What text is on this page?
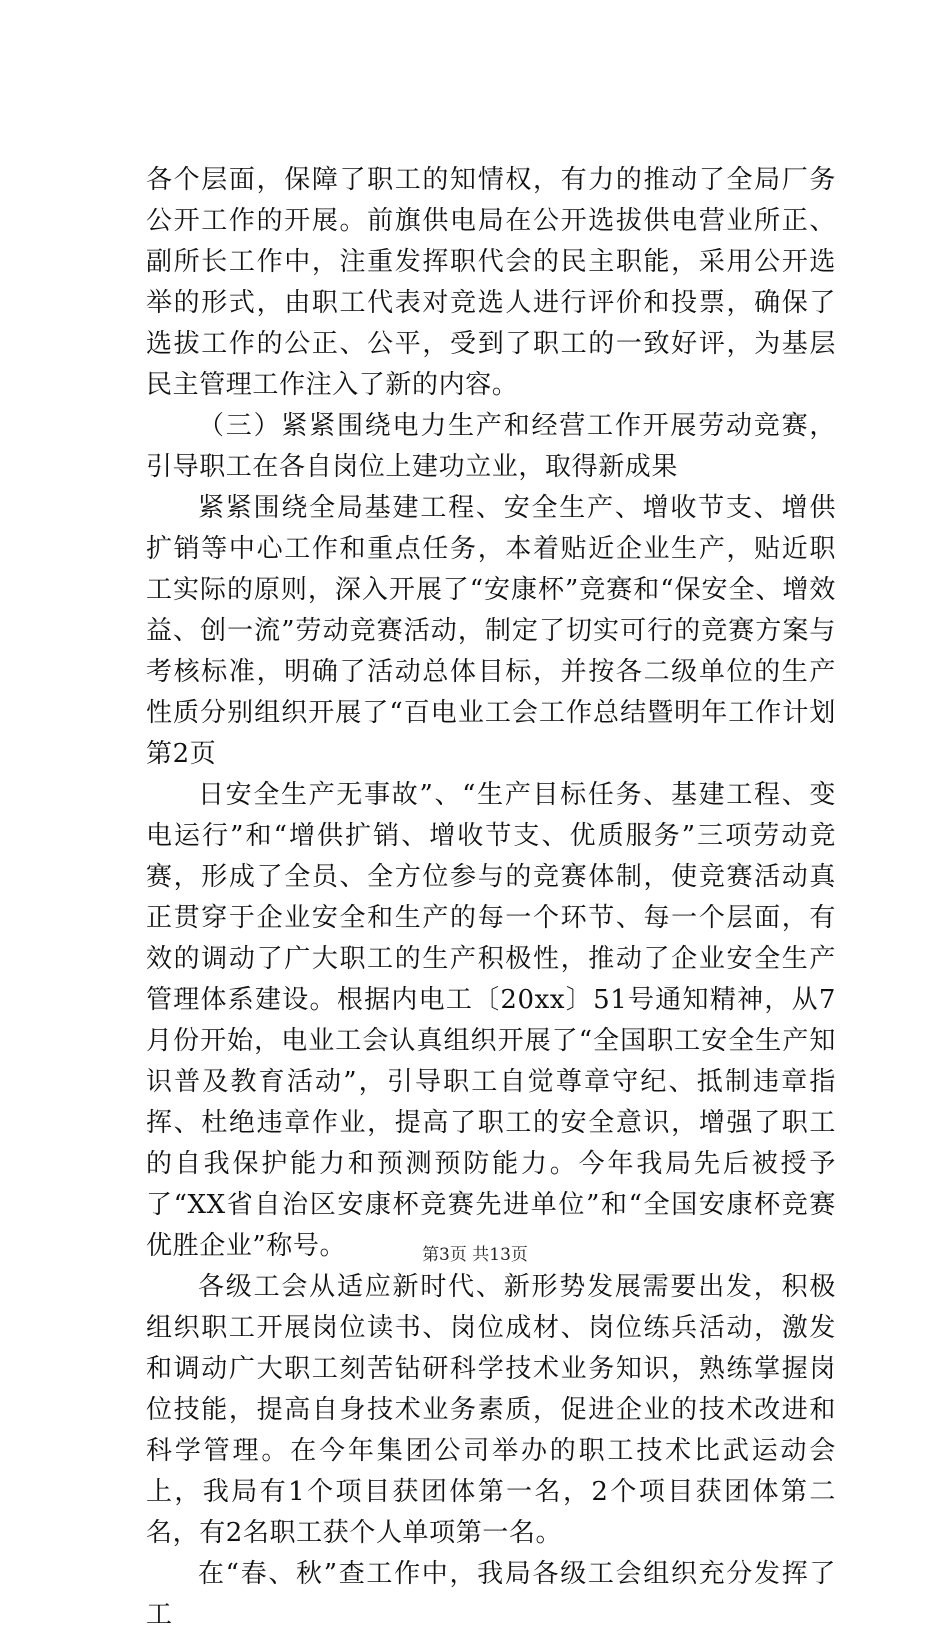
各个层面，保障了职工的知情权，有力的推动了全局厂务公开工作的开展。前旗供电局在公开选拔供电营业所正、副所长工作中，注重发挥职代会的民主职能，采用公开选举的形式，由职工代表对竞选人进行评价和投票，确保了选拔工作的公正、公平，受到了职工的一致好评，为基层民主管理工作注入了新的内容。

（三）紧紧围绕电力生产和经营工作开展劳动竞赛，引导职工在各自岗位上建功立业，取得新成果

紧紧围绕全局基建工程、安全生产、增收节支、增供扩销等中心工作和重点任务，本着贴近企业生产，贴近职工实际的原则，深入开展了“安康杯”竞赛和“保安全、增效益、创一流”劳动竞赛活动，制定了切实可行的竞赛方案与考核标准，明确了活动总体目标，并按各二级单位的生产性质分别组织开展了“百电业工会工作总结暨明年工作计划第2页

日安全生产无事故”、“生产目标任务、基建工程、变电运行”和“增供扩销、增收节支、优质服务”三项劳动竞赛，形成了全员、全方位参与的竞赛体制，使竞赛活动真正贯穿于企业安全和生产的每一个环节、每一个层面，有效的调动了广大职工的生产积极性，推动了企业安全生产管理体系建设。根据内电工〔20xx〕51号通知精神，从7月份开始，电业工会认真组织开展了“全国职工安全生产知识普及教育活动”，引导职工自觉尊章守纪、抵制违章指挥、杜绝违章作业，提高了职工的安全意识，增强了职工的自我保护能力和预测预防能力。今年我局先后被授予了“XX省自治区安康杯竞赛先进单位”和“全国安康杯竞赛优胜企业”称号。

各级工会从适应新时代、新形势发展需要出发，积极组织职工开展岗位读书、岗位成材、岗位练兵活动，激发和调动广大职工刻苦钻研科学技术业务知识，熟练掌握岗位技能，提高自身技术业务素质，促进企业的技术改进和科学管理。在今年集团公司举办的职工技术比武运动会上，我局有1个项目获团体第一名，2个项目获团体第二名，有2名职工获个人单项第一名。

在“春、秋”查工作中，我局各级工会组织充分发挥了工

第3页 共13页
